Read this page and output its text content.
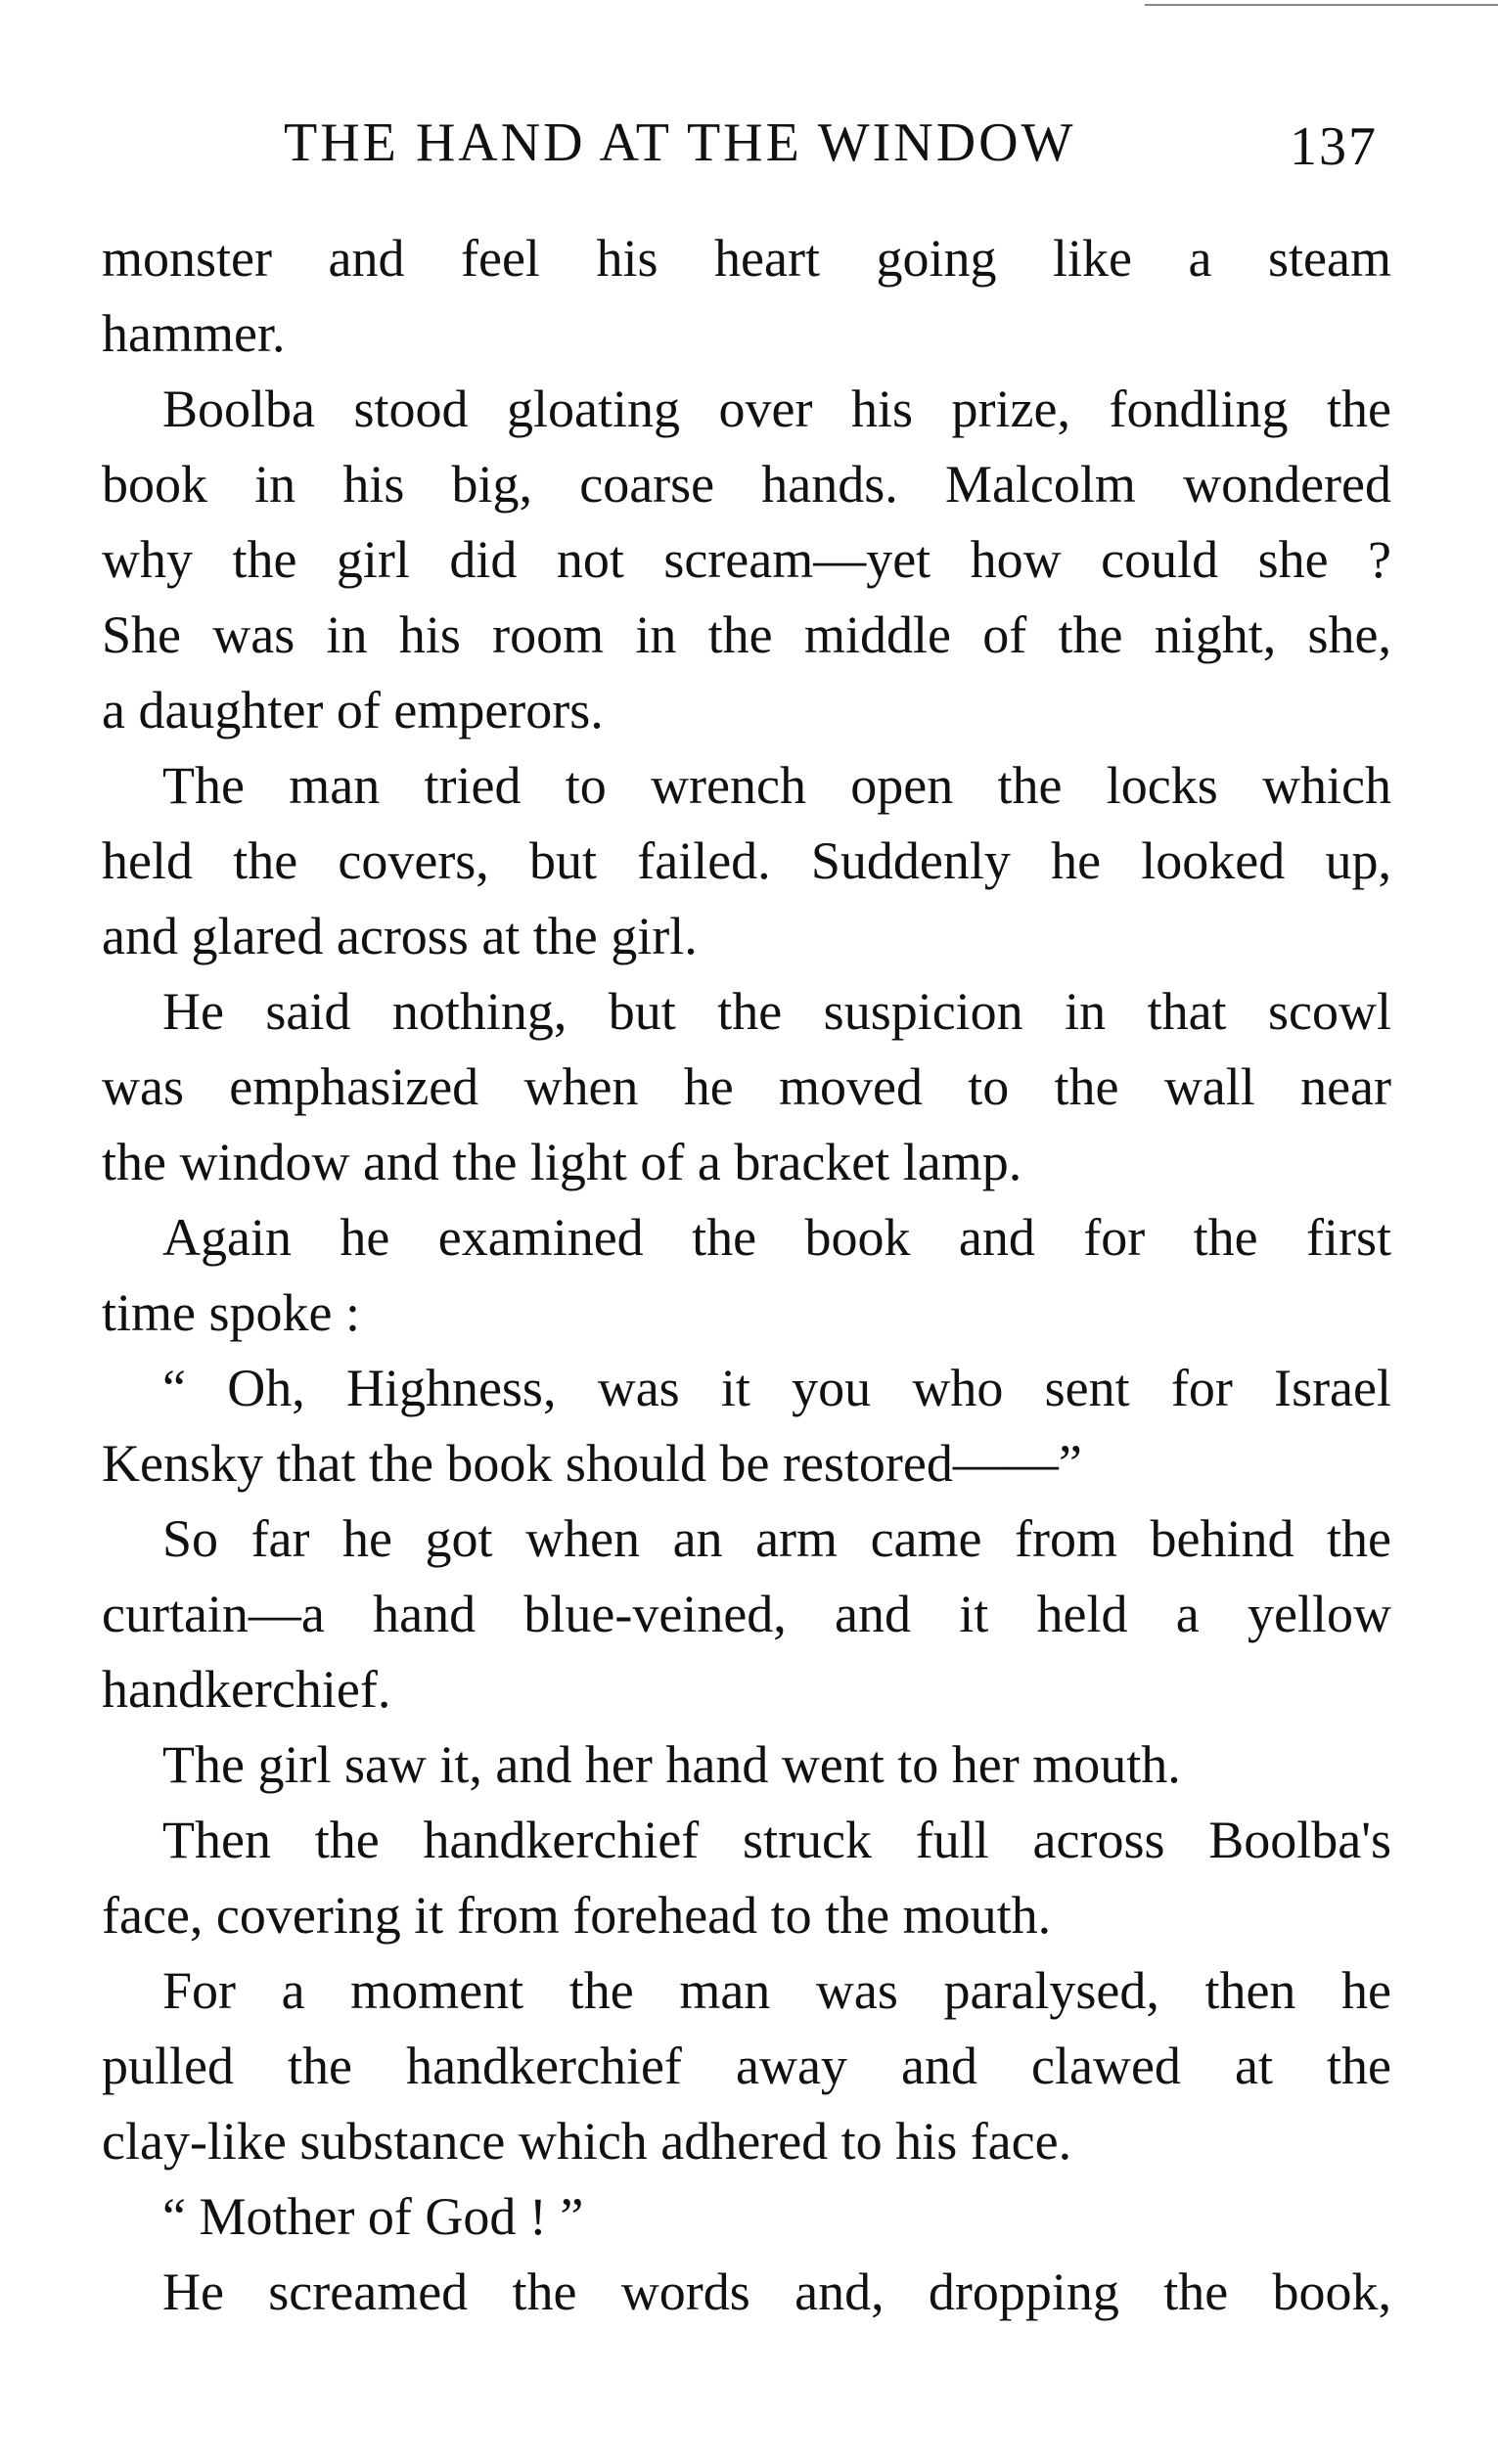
THE HAND AT THE WINDOW	137
monster and feel his heart going like a steam
hammer.
Boolba stood gloating over his prize, fondling the
book in his big, coarse hands. Malcolm wondered
why the girl did not scream—yet how could she ?
She was in his room in the middle of the night, she,
a daughter of emperors.
The man tried to wrench open the locks which
held the covers, but failed. Suddenly he looked up,
and glared across at the girl.
He said nothing, but the suspicion in that scowl
was emphasized when he moved to the wall near
the window and the light of a bracket lamp.
Again he examined the book and for the first
time spoke :
“ Oh, Highness, was it you who sent for Israel
Kensky that the book should be restored——”
So far he got when an arm came from behind the
curtain—a hand blue-veined, and it held a yellow
handkerchief.
The girl saw it, and her hand went to her mouth.
Then the handkerchief struck full across Boolba's
face, covering it from forehead to the mouth.
For a moment the man was paralysed, then he
pulled the handkerchief away and clawed at the
clay-like substance which adhered to his face.
“ Mother of God ! ”
He screamed the words and, dropping the book,
